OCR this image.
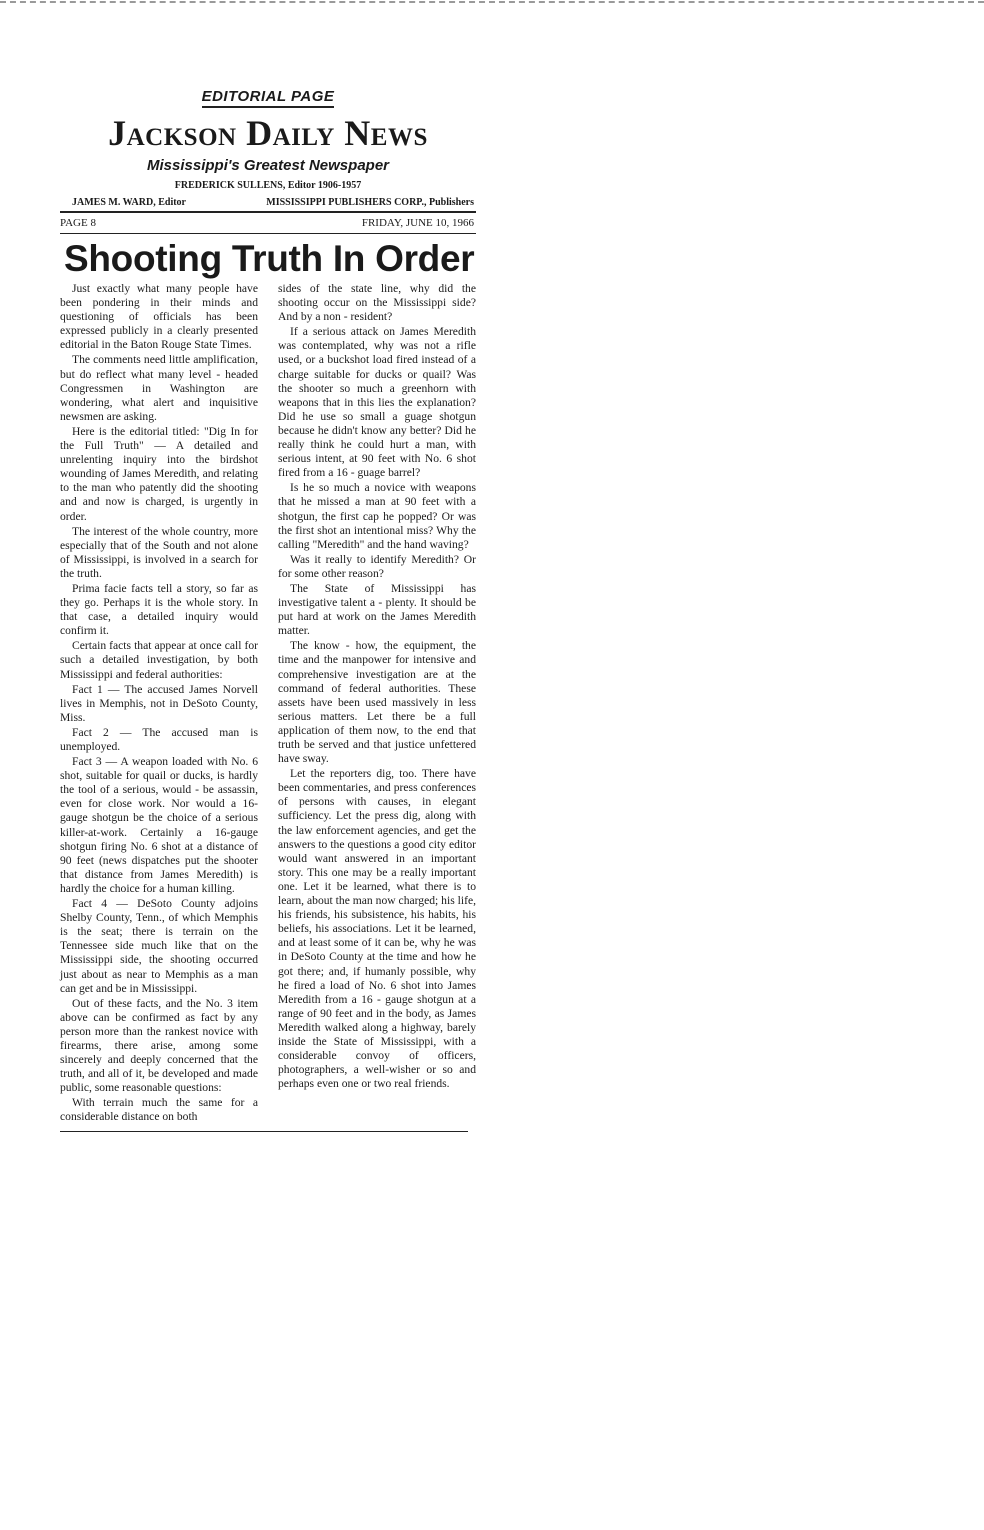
EDITORIAL PAGE
Jackson Daily News
Mississippi's Greatest Newspaper
FREDERICK SULLENS, Editor 1906-1957
JAMES M. WARD, Editor	MISSISSIPPI PUBLISHERS CORP., Publishers
PAGE 8	FRIDAY, JUNE 10, 1966
Shooting Truth In Order

Just exactly what many people have been pondering in their minds and questioning of officials has been expressed publicly in a clearly presented editorial in the Baton Rouge State Times.

The comments need little amplification, but do reflect what many level - headed Congressmen in Washington are wondering, what alert and inquisitive newsmen are asking.

Here is the editorial titled: "Dig In for the Full Truth" — A detailed and unrelenting inquiry into the birdshot wounding of James Meredith, and relating to the man who patently did the shooting and and now is charged, is urgently in order.

The interest of the whole country, more especially that of the South and not alone of Mississippi, is involved in a search for the truth.

Prima facie facts tell a story, so far as they go. Perhaps it is the whole story. In that case, a detailed inquiry would confirm it.

Certain facts that appear at once call for such a detailed investigation, by both Mississippi and federal authorities:

Fact 1 — The accused James Norvell lives in Memphis, not in DeSoto County, Miss.

Fact 2 — The accused man is unemployed.

Fact 3 — A weapon loaded with No. 6 shot, suitable for quail or ducks, is hardly the tool of a serious, would - be assassin, even for close work. Nor would a 16-gauge shotgun be the choice of a serious killer-at-work. Certainly a 16-gauge shotgun firing No. 6 shot at a distance of 90 feet (news dispatches put the shooter that distance from James Meredith) is hardly the choice for a human killing.

Fact 4 — DeSoto County adjoins Shelby County, Tenn., of which Memphis is the seat; there is terrain on the Tennessee side much like that on the Mississippi side, the shooting occurred just about as near to Memphis as a man can get and be in Mississippi.

Out of these facts, and the No. 3 item above can be confirmed as fact by any person more than the rankest novice with firearms, there arise, among some sincerely and deeply concerned that the truth, and all of it, be developed and made public, some reasonable questions:

With terrain much the same for a considerable distance on both

sides of the state line, why did the shooting occur on the Mississippi side? And by a non - resident?

If a serious attack on James Meredith was contemplated, why was not a rifle used, or a buckshot load fired instead of a charge suitable for ducks or quail? Was the shooter so much a greenhorn with weapons that in this lies the explanation? Did he use so small a guage shotgun because he didn't know any better? Did he really think he could hurt a man, with serious intent, at 90 feet with No. 6 shot fired from a 16 - guage barrel?

Is he so much a novice with weapons that he missed a man at 90 feet with a shotgun, the first cap he popped? Or was the first shot an intentional miss? Why the calling "Meredith" and the hand waving?

Was it really to identify Meredith? Or for some other reason?

The State of Mississippi has investigative talent a - plenty. It should be put hard at work on the James Meredith matter.

The know - how, the equipment, the time and the manpower for intensive and comprehensive investigation are at the command of federal authorities. These assets have been used massively in less serious matters. Let there be a full application of them now, to the end that truth be served and that justice unfettered have sway.

Let the reporters dig, too. There have been commentaries, and press conferences of persons with causes, in elegant sufficiency. Let the press dig, along with the law enforcement agencies, and get the answers to the questions a good city editor would want answered in an important story. This one may be a really important one. Let it be learned, what there is to learn, about the man now charged; his life, his friends, his subsistence, his habits, his beliefs, his associations. Let it be learned, and at least some of it can be, why he was in DeSoto County at the time and how he got there; and, if humanly possible, why he fired a load of No. 6 shot into James Meredith from a 16 - gauge shotgun at a range of 90 feet and in the body, as James Meredith walked along a highway, barely inside the State of Mississippi, with a considerable convoy of officers, photographers, a well-wisher or so and perhaps even one or two real friends.
